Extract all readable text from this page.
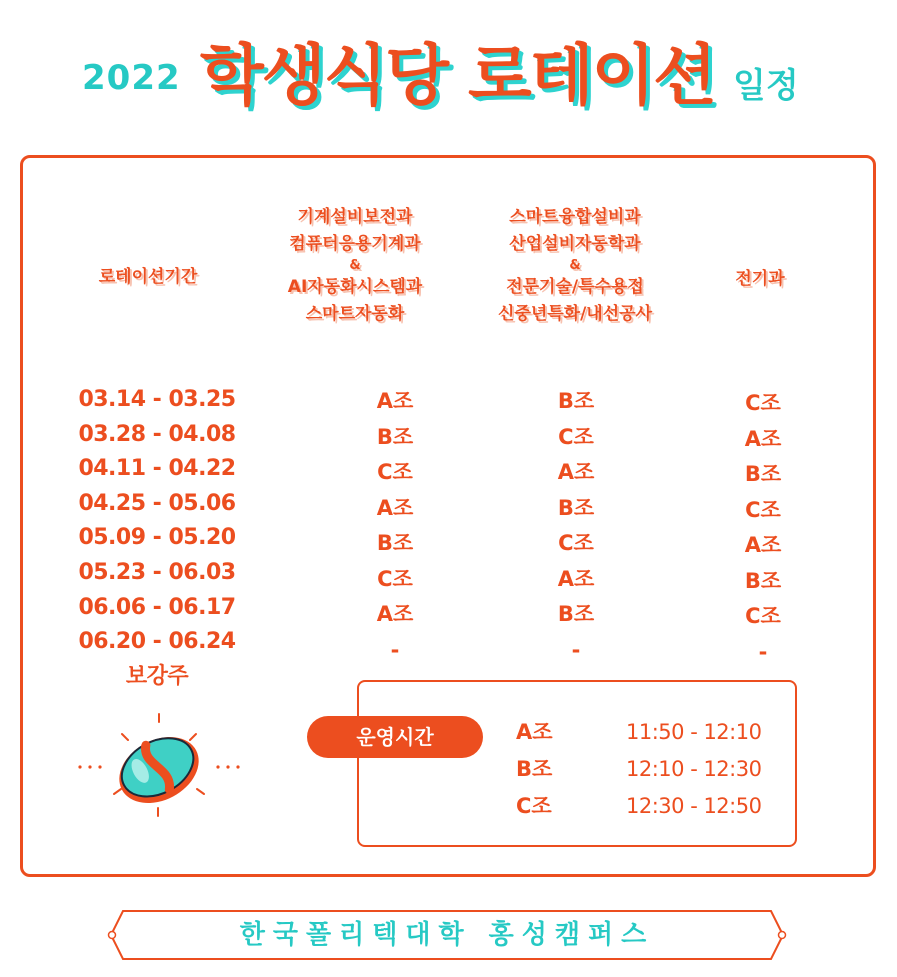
2022 학생식당 로테이션 일정
로테이션기간
기계설비보전과
컴퓨터응용기계과
&
AI자동화시스템과
스마트자동화
스마트융합설비과
산업설비자동학과
&
전문기술/특수용접
신중년특화/내선공사
전기과
03.14 - 03.25
03.28 - 04.08
04.11 - 04.22
04.25 - 05.06
05.09 - 05.20
05.23 - 06.03
06.06 - 06.17
06.20 - 06.24
보강주
A조
B조
C조
A조
B조
C조
A조
-
B조
C조
A조
B조
C조
A조
B조
-
C조
A조
B조
C조
A조
B조
C조
-
운영시간	A조
B조
C조
11:50 - 12:10
12:10 - 12:30
12:30 - 12:50
한국폴리텍대학 홍성캠퍼스
